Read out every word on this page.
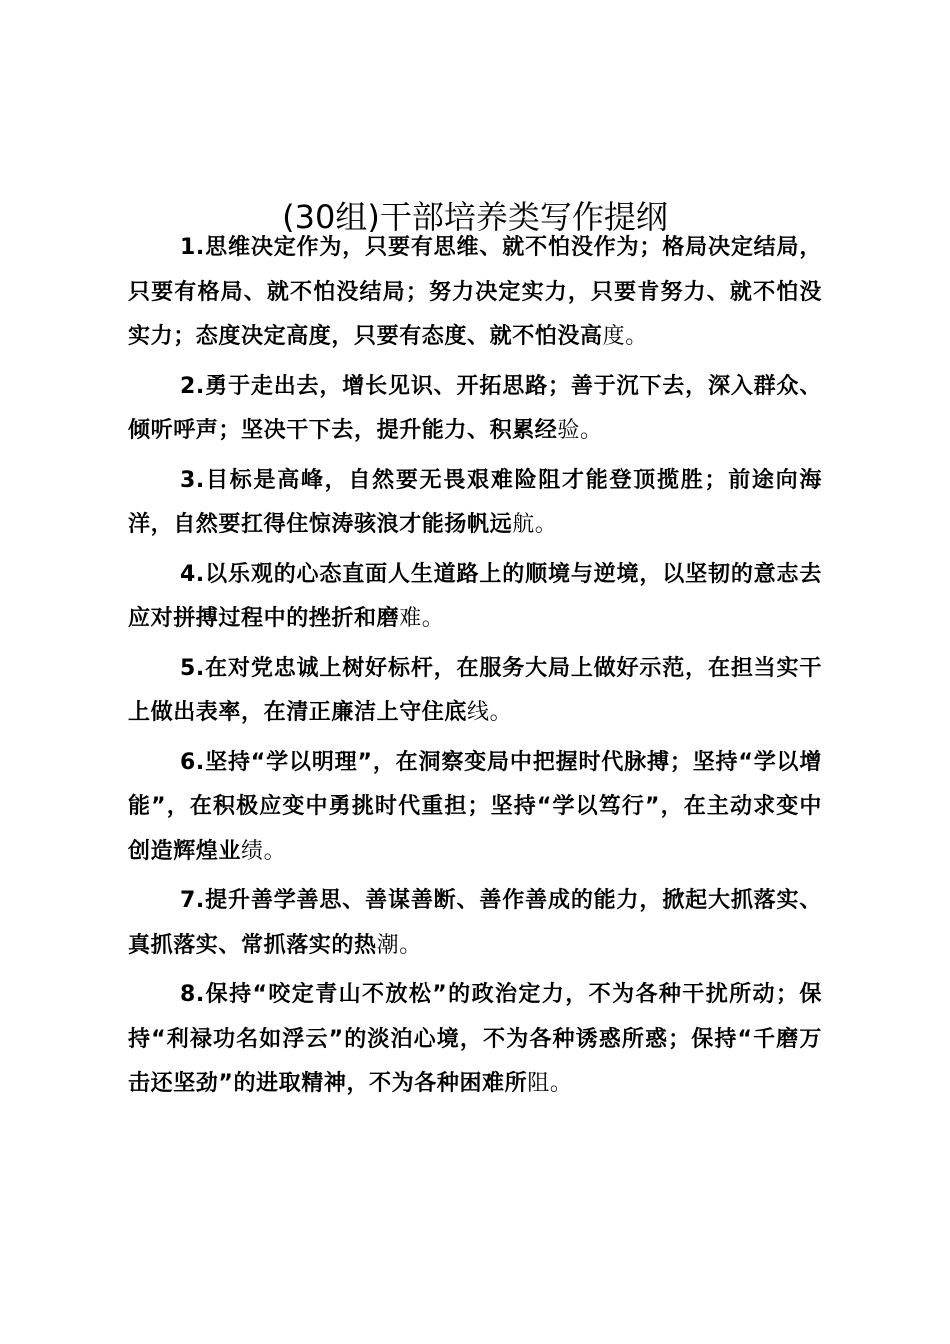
(30组)干部培养类写作提纲

1.思维决定作为，只要有思维、就不怕没作为；格局决定结局，只要有格局、就不怕没结局；努力决定实力，只要肯努力、就不怕没实力；态度决定高度，只要有态度、就不怕没高度。

2.勇于走出去，增长见识、开拓思路；善于沉下去，深入群众、倾听呼声；坚决干下去，提升能力、积累经验。

3.目标是高峰，自然要无畏艰难险阻才能登顶揽胜；前途向海洋，自然要扛得住惊涛骇浪才能扬帆远航。

4.以乐观的心态直面人生道路上的顺境与逆境，以坚韧的意志去应对拼搏过程中的挫折和磨难。

5.在对党忠诚上树好标杆，在服务大局上做好示范，在担当实干上做出表率，在清正廉洁上守住底线。

6.坚持“学以明理”，在洞察变局中把握时代脉搏；坚持“学以增能”，在积极应变中勇挑时代重担；坚持“学以笃行”，在主动求变中创造辉煌业绩。

7.提升善学善思、善谋善断、善作善成的能力，掀起大抓落实、真抓落实、常抓落实的热潮。

8.保持“咬定青山不放松”的政治定力，不为各种干扰所动；保持“利禄功名如浮云”的淡泊心境，不为各种诱惑所惑；保持“千磨万击还坚劲”的进取精神，不为各种困难所阻。
